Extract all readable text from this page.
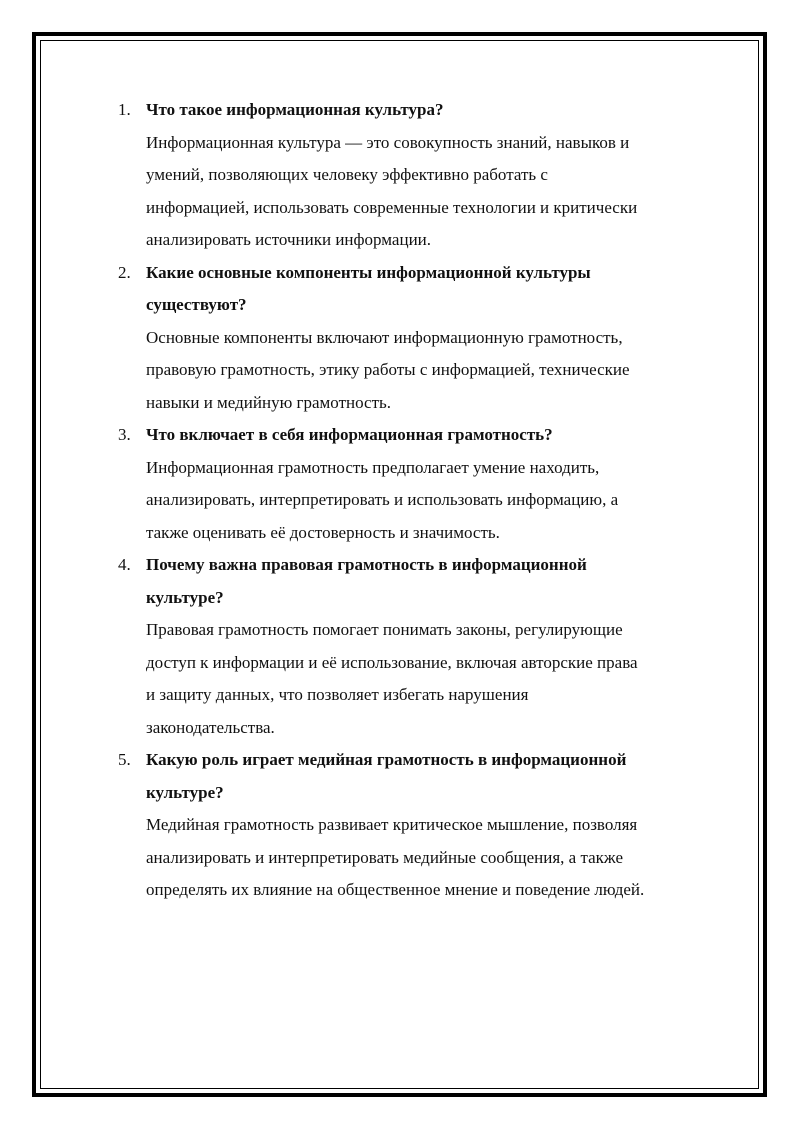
1. Что такое информационная культура?
Информационная культура — это совокупность знаний, навыков и
умений, позволяющих человеку эффективно работать с
информацией, использовать современные технологии и критически
анализировать источники информации.
2. Какие основные компоненты информационной культуры
существуют?
Основные компоненты включают информационную грамотность,
правовую грамотность, этику работы с информацией, технические
навыки и медийную грамотность.
3. Что включает в себя информационная грамотность?
Информационная грамотность предполагает умение находить,
анализировать, интерпретировать и использовать информацию, а
также оценивать её достоверность и значимость.
4. Почему важна правовая грамотность в информационной
культуре?
Правовая грамотность помогает понимать законы, регулирующие
доступ к информации и её использование, включая авторские права
и защиту данных, что позволяет избегать нарушения
законодательства.
5. Какую роль играет медийная грамотность в информационной
культуре?
Медийная грамотность развивает критическое мышление, позволяя
анализировать и интерпретировать медийные сообщения, а также
определять их влияние на общественное мнение и поведение людей.
